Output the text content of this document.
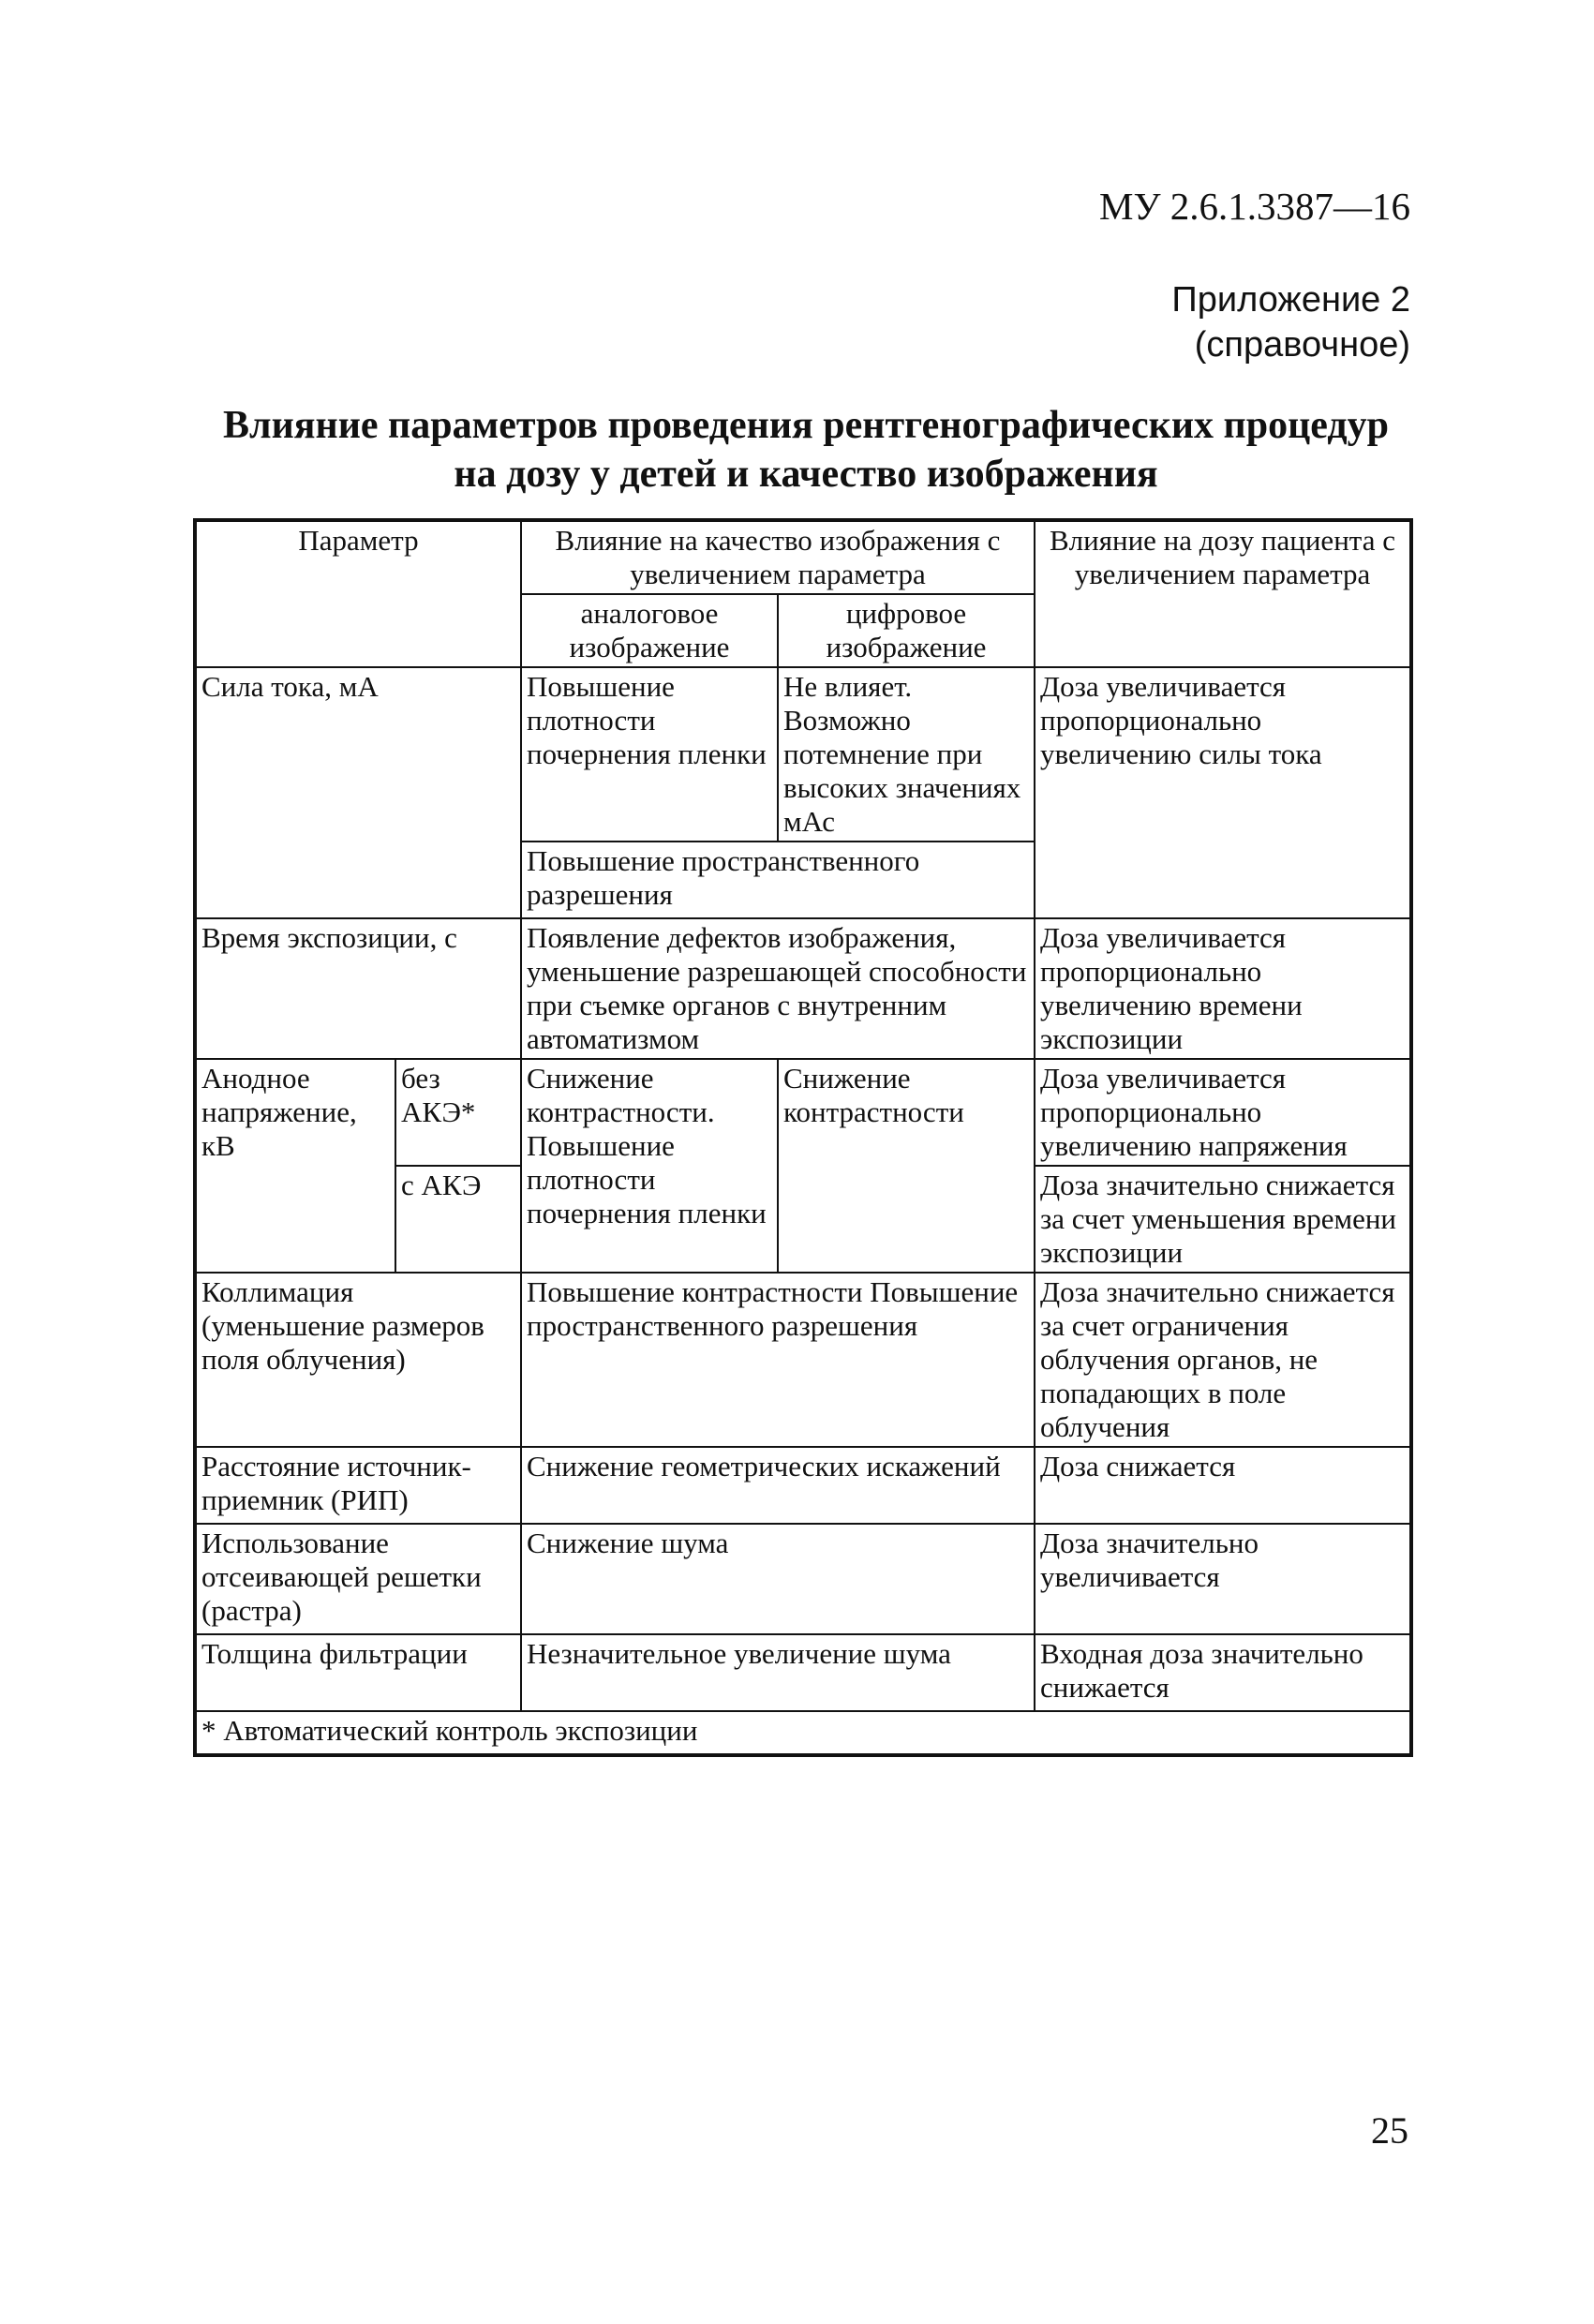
МУ 2.6.1.3387—16
Приложение 2
(справочное)
Влияние параметров проведения рентгенографических процедур
на дозу у детей и качество изображения
Параметр		Влияние на качество изображения с увеличением параметра		Влияние на дозу пациента с увеличением параметра
		аналоговое изображение	цифровое изображение	
Сила тока, мА		Повышение плотности почернения пленки	Не влияет. Возможно потемнение при высоких значениях мАс	Доза увеличивается пропорционально увеличению силы тока
		Повышение пространственного разрешения		
Время экспозиции, с		Появление дефектов изображения, уменьшение разрешающей способности при съемке органов с внутренним автоматизмом		Доза увеличивается пропорционально увеличению времени экспозиции
Анодное напряжение, кВ	без АКЭ*	Снижение контрастности. Повышение плотности почернения пленки	Снижение контрастности	Доза увеличивается пропорционально увеличению напряжения
	с АКЭ			Доза значительно снижается за счет уменьшения времени экспозиции
Коллимация (уменьшение размеров поля облучения)		Повышение контрастности Повышение пространственного разрешения		Доза значительно снижается за счет ограничения облучения органов, не попадающих в поле облучения
Расстояние источник-приемник (РИП)		Снижение геометрических искажений		Доза снижается
Использование отсеивающей решетки (растра)		Снижение шума		Доза значительно увеличивается
Толщина фильтрации		Незначительное увеличение шума		Входная доза значительно снижается
* Автоматический контроль экспозиции				
25
